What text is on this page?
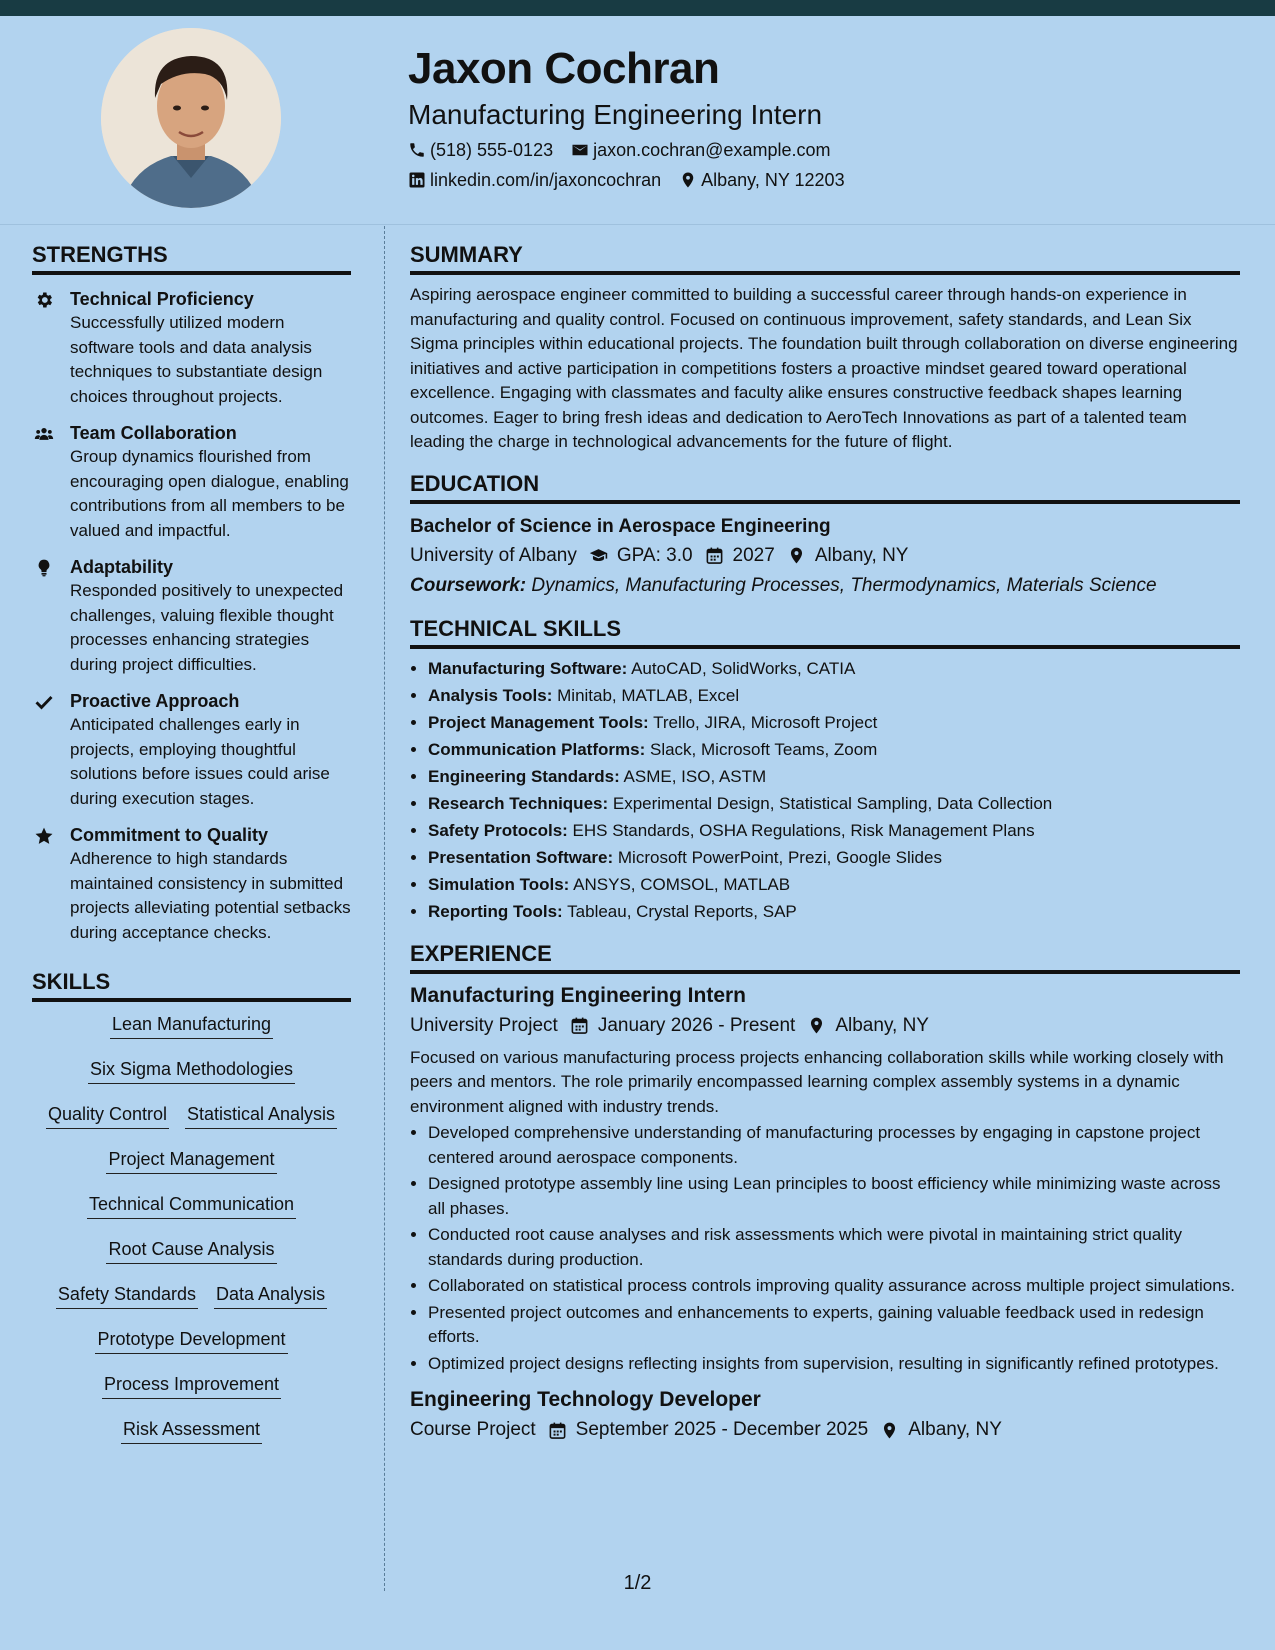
Jaxon Cochran
Manufacturing Engineering Intern
(518) 555-0123 jaxon.cochran@example.com
linkedin.com/in/jaxoncochran Albany, NY 12203
STRENGTHS
Technical Proficiency
Successfully utilized modern software tools and data analysis techniques to substantiate design choices throughout projects.
Team Collaboration
Group dynamics flourished from encouraging open dialogue, enabling contributions from all members to be valued and impactful.
Adaptability
Responded positively to unexpected challenges, valuing flexible thought processes enhancing strategies during project difficulties.
Proactive Approach
Anticipated challenges early in projects, employing thoughtful solutions before issues could arise during execution stages.
Commitment to Quality
Adherence to high standards maintained consistency in submitted projects alleviating potential setbacks during acceptance checks.
SKILLS
Lean Manufacturing
Six Sigma Methodologies
Quality Control Statistical Analysis
Project Management
Technical Communication
Root Cause Analysis
Safety Standards Data Analysis
Prototype Development
Process Improvement
Risk Assessment
SUMMARY
Aspiring aerospace engineer committed to building a successful career through hands-on experience in manufacturing and quality control. Focused on continuous improvement, safety standards, and Lean Six Sigma principles within educational projects. The foundation built through collaboration on diverse engineering initiatives and active participation in competitions fosters a proactive mindset geared toward operational excellence. Engaging with classmates and faculty alike ensures constructive feedback shapes learning outcomes. Eager to bring fresh ideas and dedication to AeroTech Innovations as part of a talented team leading the charge in technological advancements for the future of flight.
EDUCATION
Bachelor of Science in Aerospace Engineering
University of Albany GPA: 3.0 2027 Albany, NY
Coursework: Dynamics, Manufacturing Processes, Thermodynamics, Materials Science
TECHNICAL SKILLS
• Manufacturing Software: AutoCAD, SolidWorks, CATIA
• Analysis Tools: Minitab, MATLAB, Excel
• Project Management Tools: Trello, JIRA, Microsoft Project
• Communication Platforms: Slack, Microsoft Teams, Zoom
• Engineering Standards: ASME, ISO, ASTM
• Research Techniques: Experimental Design, Statistical Sampling, Data Collection
• Safety Protocols: EHS Standards, OSHA Regulations, Risk Management Plans
• Presentation Software: Microsoft PowerPoint, Prezi, Google Slides
• Simulation Tools: ANSYS, COMSOL, MATLAB
• Reporting Tools: Tableau, Crystal Reports, SAP
EXPERIENCE
Manufacturing Engineering Intern
University Project January 2026 - Present Albany, NY
Focused on various manufacturing process projects enhancing collaboration skills while working closely with peers and mentors. The role primarily encompassed learning complex assembly systems in a dynamic environment aligned with industry trends.
• Developed comprehensive understanding of manufacturing processes by engaging in capstone project centered around aerospace components.
• Designed prototype assembly line using Lean principles to boost efficiency while minimizing waste across all phases.
• Conducted root cause analyses and risk assessments which were pivotal in maintaining strict quality standards during production.
• Collaborated on statistical process controls improving quality assurance across multiple project simulations.
• Presented project outcomes and enhancements to experts, gaining valuable feedback used in redesign efforts.
• Optimized project designs reflecting insights from supervision, resulting in significantly refined prototypes.
Engineering Technology Developer
Course Project September 2025 - December 2025 Albany, NY
1/2
